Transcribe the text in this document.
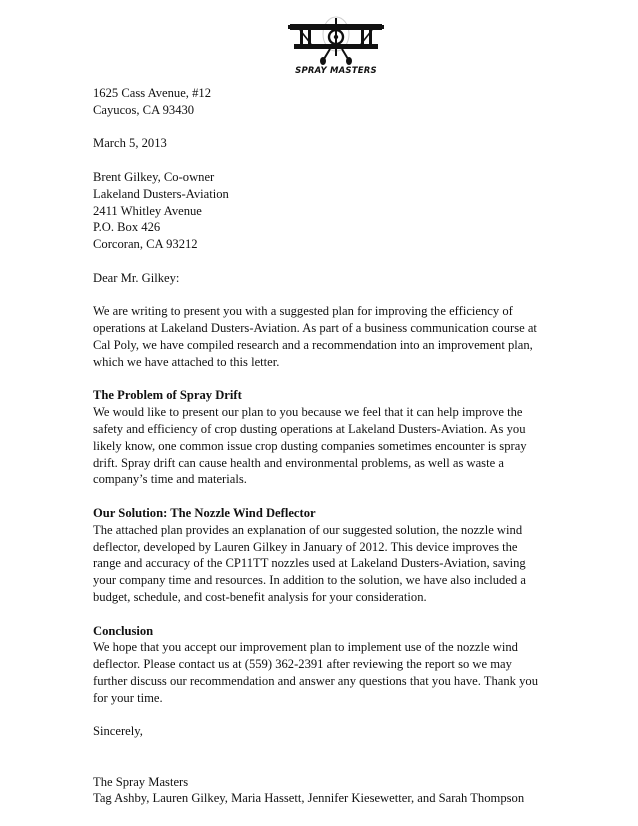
SPRAY MASTERS

1625 Cass Avenue, #12

Cayucos, CA 93430

March 5, 2013

Brent Gilkey, Co-owner

Lakeland Dusters-Aviation

2411 Whitley Avenue

P.O. Box 426

Corcoran, CA 93212

Dear Mr. Gilkey:

We are writing to present you with a suggested plan for improving the efficiency of

operations at Lakeland Dusters-Aviation. As part of a business communication course at

Cal Poly, we have compiled research and a recommendation into an improvement plan,

which we have attached to this letter.

The Problem of Spray Drift

We would like to present our plan to you because we feel that it can help improve the

safety and efficiency of crop dusting operations at Lakeland Dusters-Aviation. As you

likely know, one common issue crop dusting companies sometimes encounter is spray

drift. Spray drift can cause health and environmental problems, as well as waste a

company’s time and materials.

Our Solution: The Nozzle Wind Deflector

The attached plan provides an explanation of our suggested solution, the nozzle wind

deflector, developed by Lauren Gilkey in January of 2012. This device improves the

range and accuracy of the CP11TT nozzles used at Lakeland Dusters-Aviation, saving

your company time and resources. In addition to the solution, we have also included a

budget, schedule, and cost-benefit analysis for your consideration.

Conclusion

We hope that you accept our improvement plan to implement use of the nozzle wind

deflector. Please contact us at (559) 362-2391 after reviewing the report so we may

further discuss our recommendation and answer any questions that you have. Thank you

for your time.

Sincerely,

The Spray Masters

Tag Ashby, Lauren Gilkey, Maria Hassett, Jennifer Kiesewetter, and Sarah Thompson
